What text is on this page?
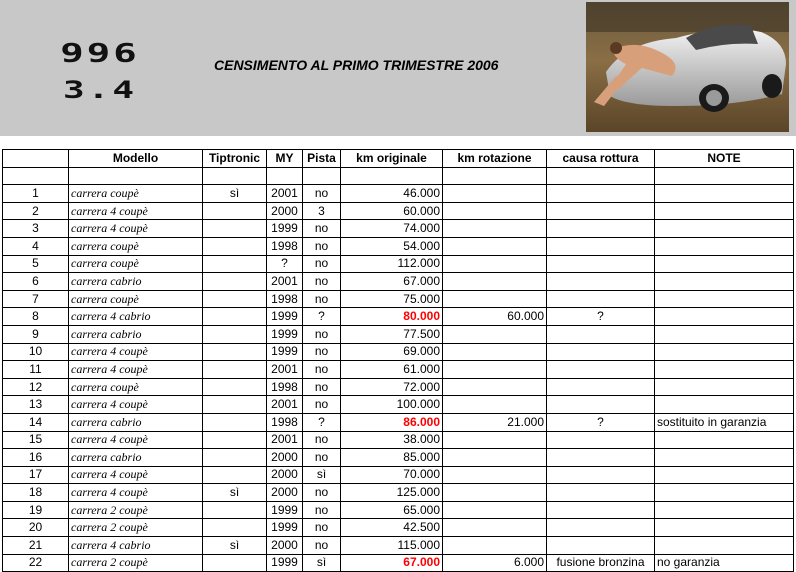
996
3.4
CENSIMENTO AL PRIMO TRIMESTRE 2006
	Modello	Tiptronic	MY	Pista	km originale	km rotazione	causa rottura	NOTE

1	carrera coupè	sì	2001	no	46.000			
2	carrera 4 coupè		2000	3	60.000			
3	carrera 4 coupè		1999	no	74.000			
4	carrera coupè		1998	no	54.000			
5	carrera coupè		?	no	112.000			
6	carrera cabrio		2001	no	67.000			
7	carrera coupè		1998	no	75.000			
8	carrera 4 cabrio		1999	?	80.000	60.000	?	
9	carrera cabrio		1999	no	77.500			
10	carrera 4 coupè		1999	no	69.000			
11	carrera 4 coupè		2001	no	61.000			
12	carrera coupè		1998	no	72.000			
13	carrera 4 coupè		2001	no	100.000			
14	carrera cabrio		1998	?	86.000	21.000	?	sostituito in garanzia
15	carrera 4 coupè		2001	no	38.000			
16	carrera cabrio		2000	no	85.000			
17	carrera 4 coupè		2000	sì	70.000			
18	carrera 4 coupè	sì	2000	no	125.000			
19	carrera 2 coupè		1999	no	65.000			
20	carrera 2 coupè		1999	no	42.500			
21	carrera 4 cabrio	sì	2000	no	115.000			
22	carrera 2 coupè		1999	sì	67.000	6.000	fusione bronzina	no garanzia
